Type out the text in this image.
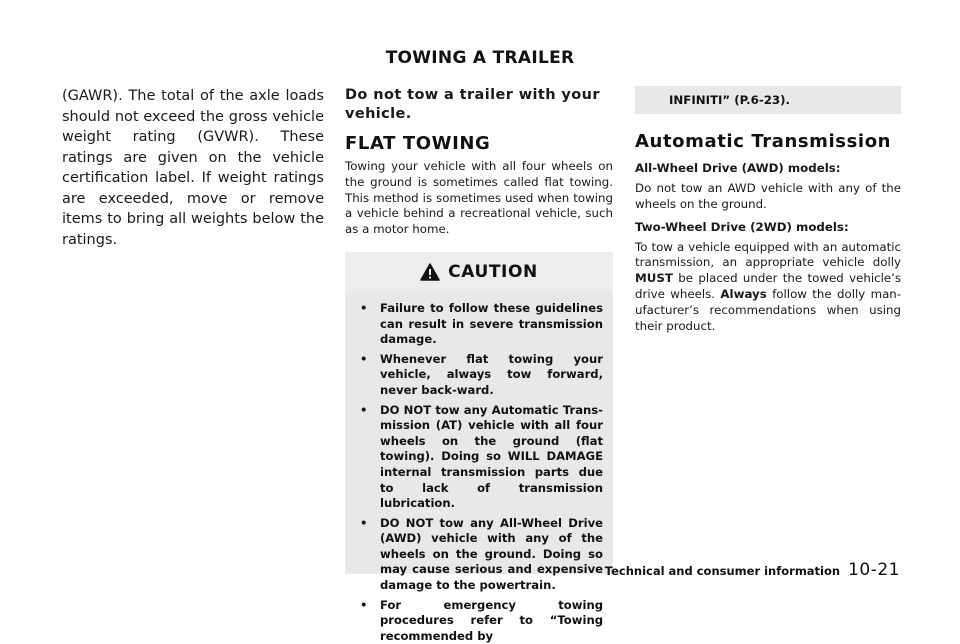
TOWING A TRAILER

(GAWR). The total of the axle loads should not exceed the gross vehicle weight rating (GVWR). These ratings are given on the vehicle certification label. If weight ratings are exceeded, move or remove items to bring all weights below the ratings.

Do not tow a trailer with your vehicle.

FLAT TOWING

Towing your vehicle with all four wheels on the ground is sometimes called flat towing. This method is sometimes used when towing a vehicle behind a recreational vehicle, such as a motor home.

CAUTION
• Failure to follow these guidelines can result in severe transmission damage.
• Whenever flat towing your vehicle, always tow forward, never back-ward.
• DO NOT tow any Automatic Trans-mission (AT) vehicle with all four wheels on the ground (flat towing). Doing so WILL DAMAGE internal transmission parts due to lack of transmission lubrication.
• DO NOT tow any All-Wheel Drive (AWD) vehicle with any of the wheels on the ground. Doing so may cause serious and expensive damage to the powertrain.
• For emergency towing procedures refer to “Towing recommended by
INFINITI” (P.6-23).
Automatic Transmission

All-Wheel Drive (AWD) models:

Do not tow an AWD vehicle with any of the wheels on the ground.

Two-Wheel Drive (2WD) models:

To tow a vehicle equipped with an automatic transmission, an appropriate vehicle dolly MUST be placed under the towed vehicle’s drive wheels. Always follow the dolly man-ufacturer’s recommendations when using their product.

Technical and consumer information 10-21
